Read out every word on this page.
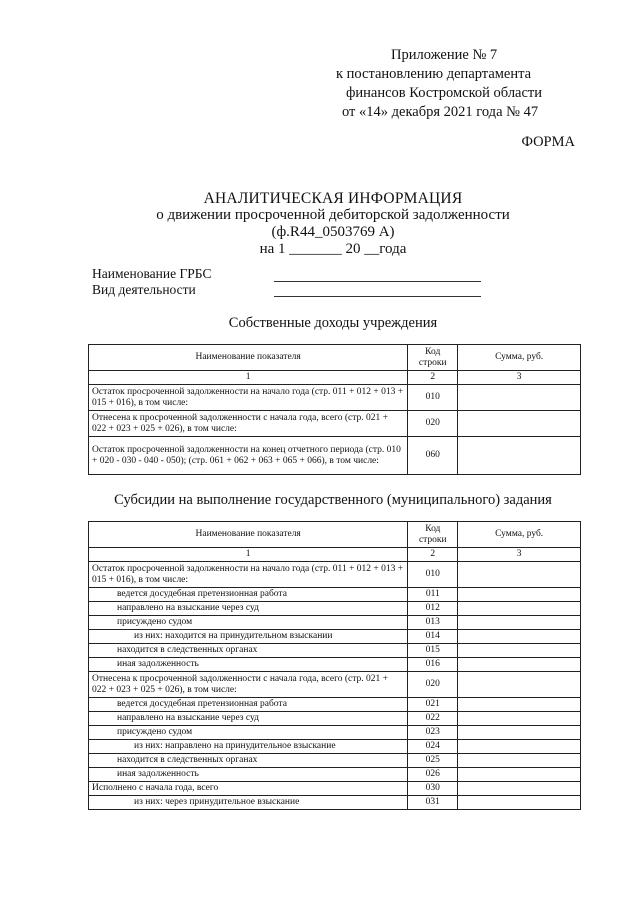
Приложение № 7
к постановлению департамента
финансов Костромской области
от «14» декабря 2021 года № 47
ФОРМА
АНАЛИТИЧЕСКАЯ ИНФОРМАЦИЯ
о движении просроченной дебиторской задолженности
(ф.R44_0503769 А)
на 1 _______ 20 __года
Наименование ГРБС
Вид деятельности
Собственные доходы учреждения
Наименование показателя	Код строки	Сумма, руб.
1	2	3
Остаток просроченной задолженности на начало года (стр. 011 + 012 + 013 + 015 + 016), в том числе:	010	
Отнесена к просроченной задолженности с начала года, всего (стр. 021 + 022 + 023 + 025 + 026), в том числе:	020	
Остаток просроченной задолженности на конец отчетного периода (стр. 010 + 020 - 030 - 040 - 050); (стр. 061 + 062 + 063 + 065 + 066), в том числе:	060	
Субсидии на выполнение государственного (муниципального) задания
Наименование показателя	Код строки	Сумма, руб.
1	2	3
Остаток просроченной задолженности на начало года (стр. 011 + 012 + 013 + 015 + 016), в том числе:	010	
ведется досудебная претензионная работа	011	
направлено на взыскание через суд	012	
присуждено судом	013	
из них: находится на принудительном взыскании	014	
находится в следственных органах	015	
иная задолженность	016	
Отнесена к просроченной задолженности с начала года, всего (стр. 021 + 022 + 023 + 025 + 026), в том числе:	020	
ведется досудебная претензионная работа	021	
направлено на взыскание через суд	022	
присуждено судом	023	
из них: направлено на принудительное взыскание	024	
находится в следственных органах	025	
иная задолженность	026	
Исполнено с начала года, всего	030	
из них: через принудительное взыскание	031	
